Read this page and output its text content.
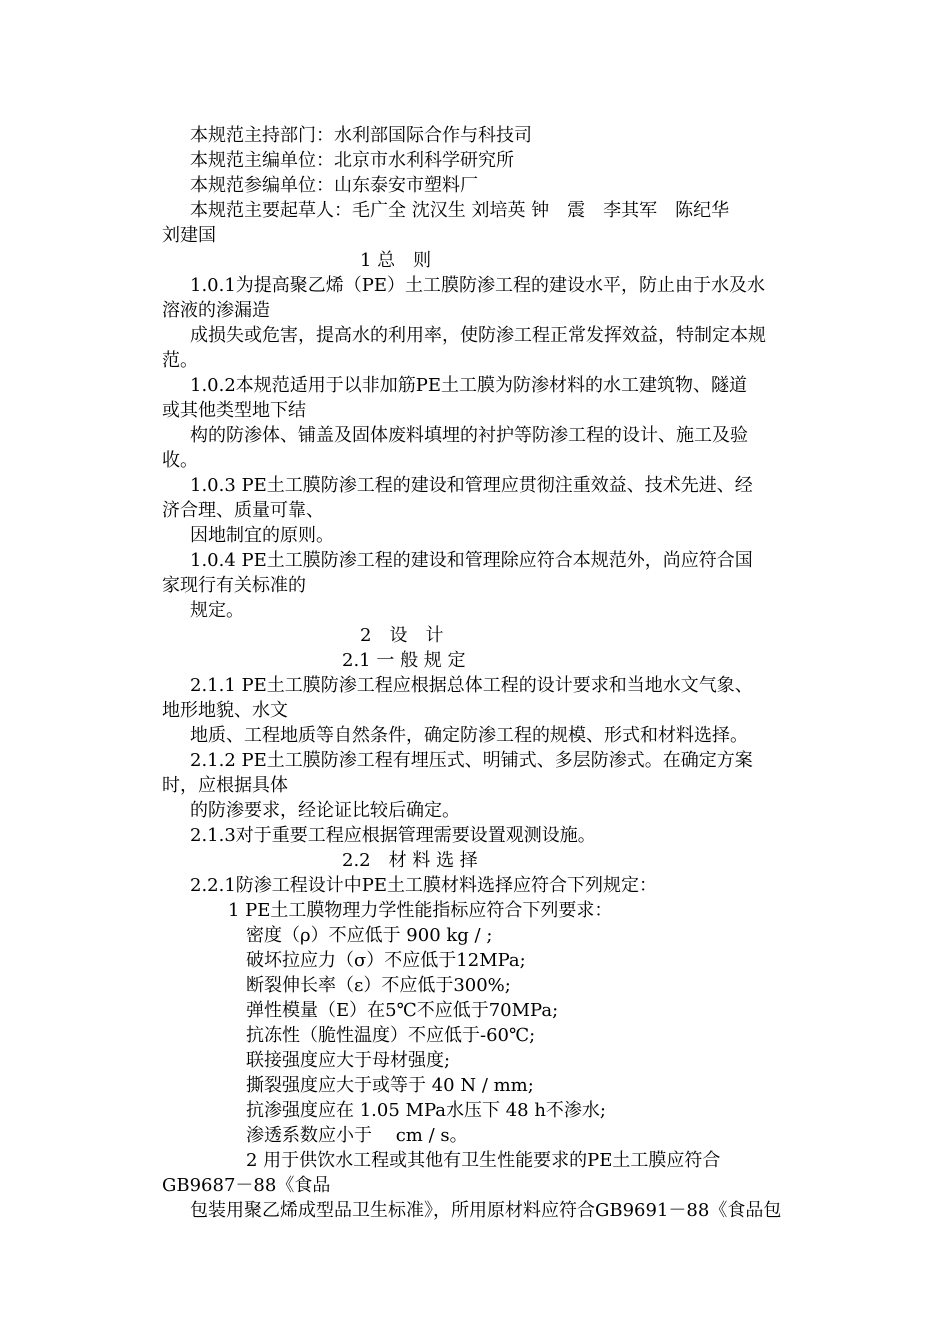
本规范主持部门：水利部国际合作与科技司
本规范主编单位：北京市水利科学研究所
本规范参编单位：山东泰安市塑料厂
本规范主要起草人：毛广全 沈汉生 刘培英 钟　震　李其军　陈纪华
刘建国
1 总　则
1.0.1为提高聚乙烯（PE）土工膜防渗工程的建设水平，防止由于水及水
溶液的渗漏造
成损失或危害，提高水的利用率，使防渗工程正常发挥效益，特制定本规
范。
1.0.2本规范适用于以非加筋PE土工膜为防渗材料的水工建筑物、隧道
或其他类型地下结
构的防渗体、铺盖及固体废料填埋的衬护等防渗工程的设计、施工及验
收。
1.0.3 PE土工膜防渗工程的建设和管理应贯彻注重效益、技术先进、经
济合理、质量可靠、
因地制宜的原则。
1.0.4 PE土工膜防渗工程的建设和管理除应符合本规范外，尚应符合国
家现行有关标准的
规定。
2　设　计
2.1 一 般 规 定
2.1.1 PE土工膜防渗工程应根据总体工程的设计要求和当地水文气象、
地形地貌、水文
地质、工程地质等自然条件，确定防渗工程的规模、形式和材料选择。
2.1.2 PE土工膜防渗工程有埋压式、明铺式、多层防渗式。在确定方案
时，应根据具体
的防渗要求，经论证比较后确定。
2.1.3对于重要工程应根据管理需要设置观测设施。
2.2　材 料 选 择
2.2.1防渗工程设计中PE土工膜材料选择应符合下列规定：
1 PE土工膜物理力学性能指标应符合下列要求：
密度（ρ）不应低于 900 kg / ;
破坏拉应力（σ）不应低于12MPa;
断裂伸长率（ε）不应低于300%;
弹性模量（E）在5℃不应低于70MPa;
抗冻性（脆性温度）不应低于-60℃;
联接强度应大于母材强度;
撕裂强度应大于或等于 40 N / mm;
抗渗强度应在 1.05 MPa水压下 48 h不渗水;
渗透系数应小于　 cm / s。
2 用于供饮水工程或其他有卫生性能要求的PE土工膜应符合
GB9687－88《食品
包装用聚乙烯成型品卫生标准》，所用原材料应符合GB9691－88《食品包
